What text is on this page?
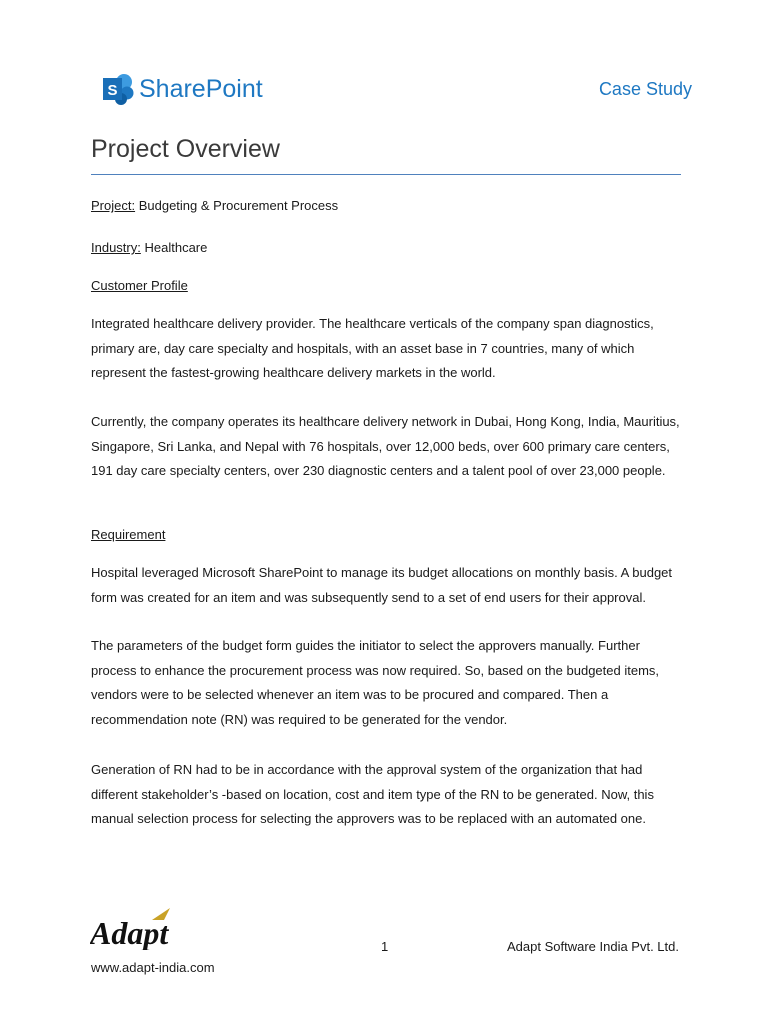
S SharePoint	Case Study
Project Overview
Project: Budgeting & Procurement Process
Industry: Healthcare
Customer Profile

Integrated healthcare delivery provider. The healthcare verticals of the company span diagnostics, primary are, day care specialty and hospitals, with an asset base in 7 countries, many of which represent the fastest-growing healthcare delivery markets in the world.

Currently, the company operates its healthcare delivery network in Dubai, Hong Kong, India, Mauritius, Singapore, Sri Lanka, and Nepal with 76 hospitals, over 12,000 beds, over 600 primary care centers, 191 day care specialty centers, over 230 diagnostic centers and a talent pool of over 23,000 people.

Requirement

Hospital leveraged Microsoft SharePoint to manage its budget allocations on monthly basis. A budget form was created for an item and was subsequently send to a set of end users for their approval.

The parameters of the budget form guides the initiator to select the approvers manually. Further process to enhance the procurement process was now required. So, based on the budgeted items, vendors were to be selected whenever an item was to be procured and compared. Then a recommendation note (RN) was required to be generated for the vendor.

Generation of RN had to be in accordance with the approval system of the organization that had different stakeholder’s -based on location, cost and item type of the RN to be generated. Now, this manual selection process for selecting the approvers was to be replaced with an automated one.

Adapt	1	Adapt Software India Pvt. Ltd.
www.adapt-india.com
